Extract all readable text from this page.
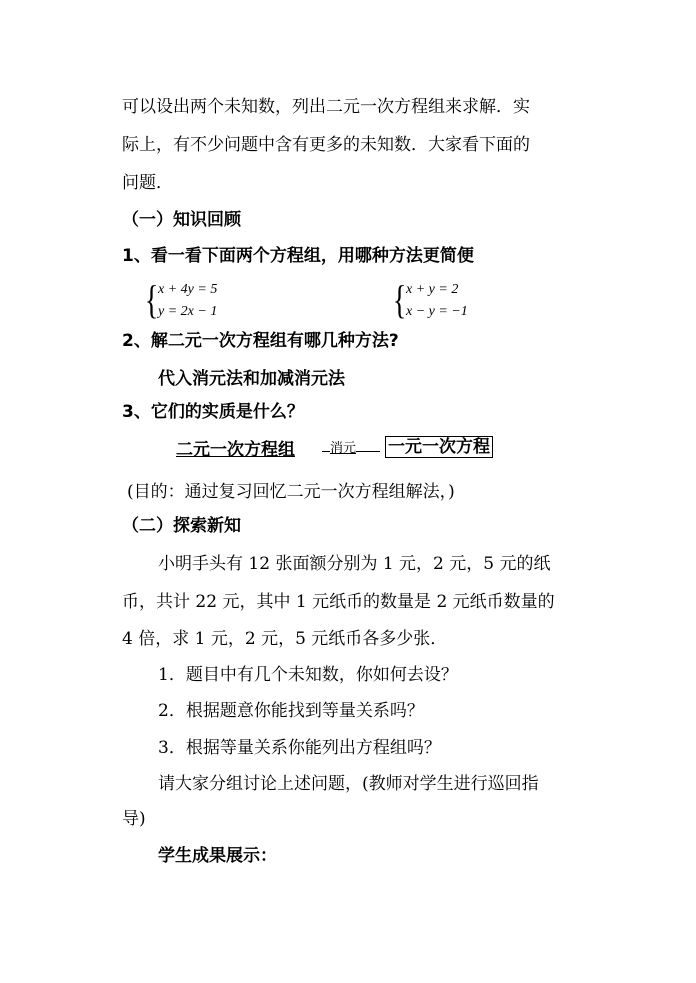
可以设出两个未知数，列出二元一次方程组来求解．实
际上，有不少问题中含有更多的未知数．大家看下面的
问题．
（一）知识回顾
1、看一看下面两个方程组，用哪种方法更简便
{ x + 4y = 5
y = 2x − 1	{ x + y = 2
x − y = −1
2、解二元一次方程组有哪几种方法?
代入消元法和加减消元法
3、它们的实质是什么？
二元一次方程组	消元	一元一次方程
(目的：通过复习回忆二元一次方程组解法，)
（二）探索新知
小明手头有 12 张面额分别为 1 元，2 元，5 元的纸
币，共计 22 元，其中 1 元纸币的数量是 2 元纸币数量的
4 倍，求 1 元，2 元，5 元纸币各多少张．
1．题目中有几个未知数，你如何去设？
2．根据题意你能找到等量关系吗？
3．根据等量关系你能列出方程组吗？
请大家分组讨论上述问题，(教师对学生进行巡回指
导)
学生成果展示：
